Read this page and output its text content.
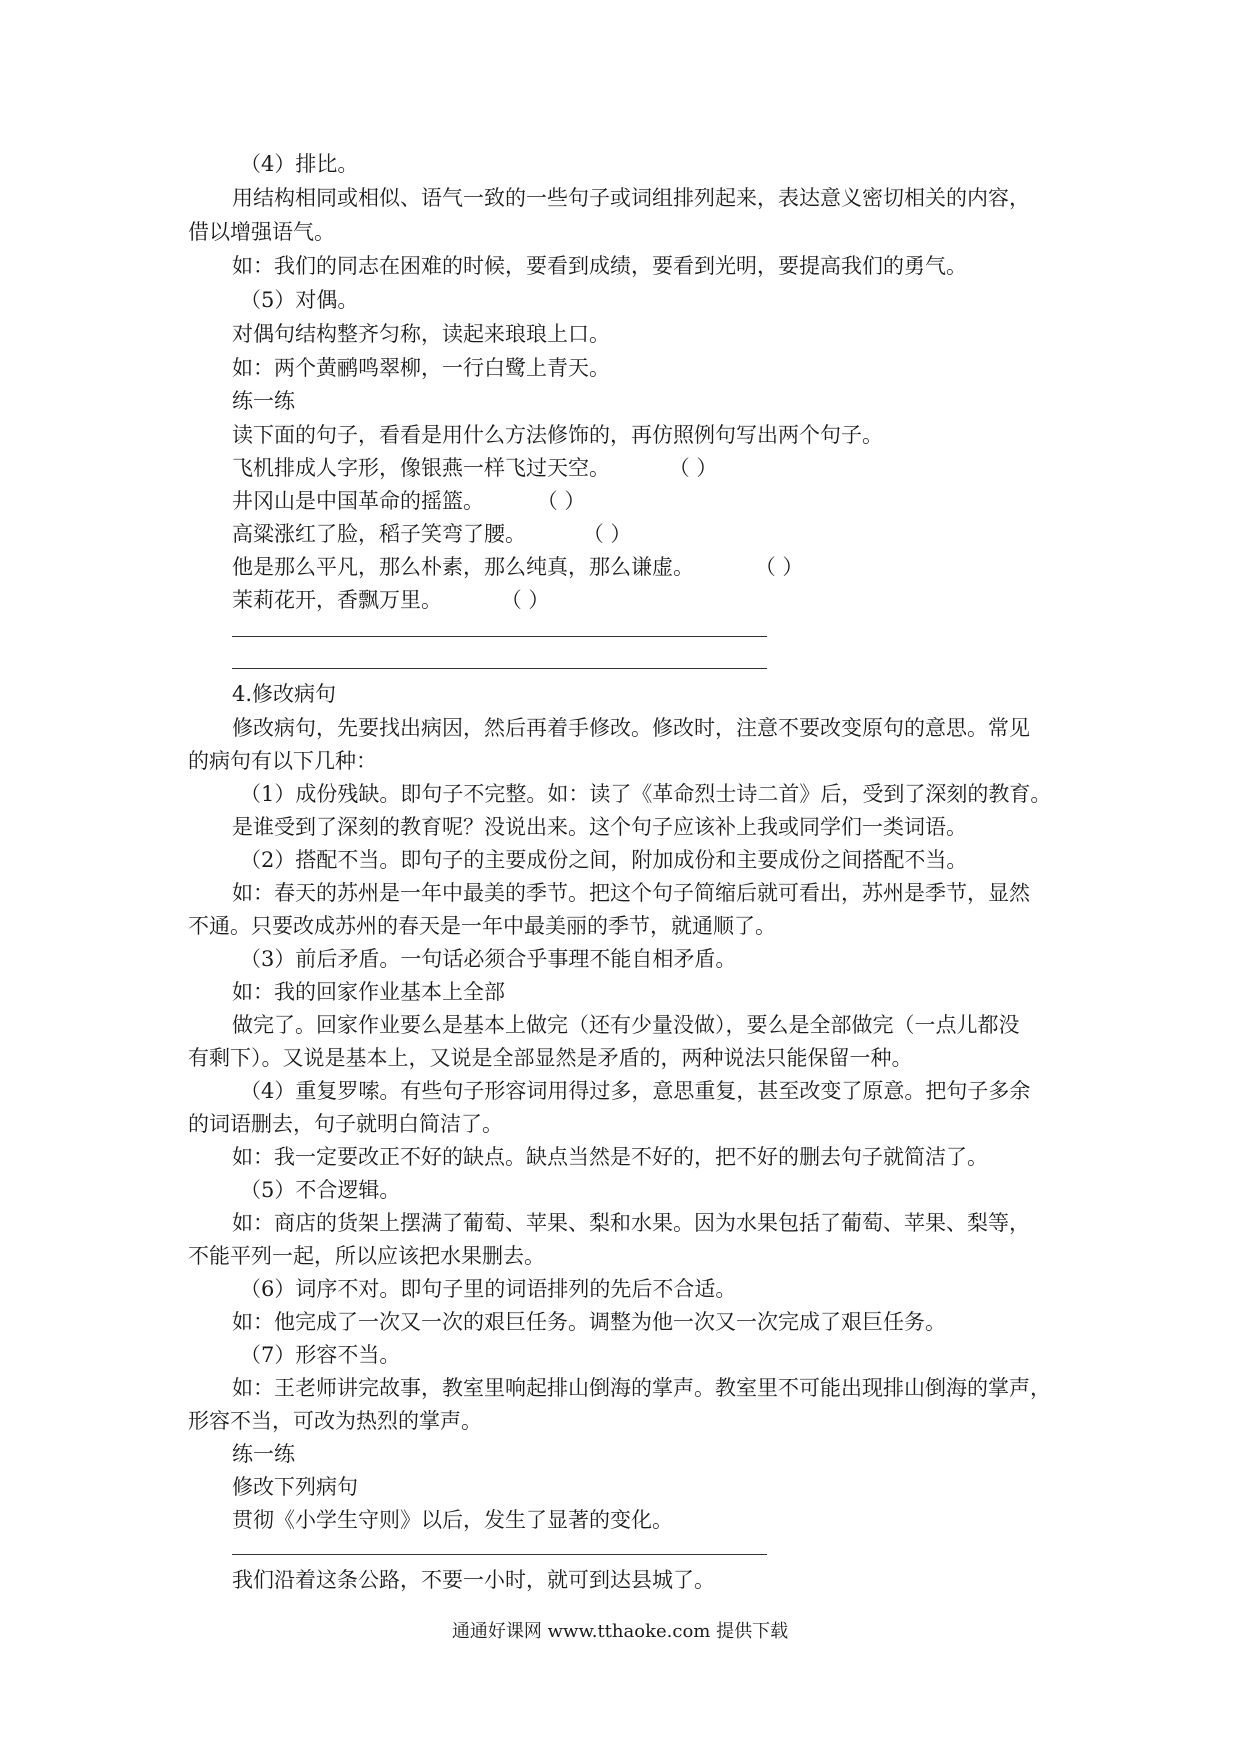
（4）排比。
用结构相同或相似、语气一致的一些句子或词组排列起来，表达意义密切相关的内容，
借以增强语气。
如：我们的同志在困难的时候，要看到成绩，要看到光明，要提高我们的勇气。
（5）对偶。
对偶句结构整齐匀称，读起来琅琅上口。
如：两个黄鹂鸣翠柳，一行白鹭上青天。
练一练
读下面的句子，看看是用什么方法修饰的，再仿照例句写出两个句子。
飞机排成人字形，像银燕一样飞过天空。	（ ）
井冈山是中国革命的摇篮。	（ ）
高粱涨红了脸，稻子笑弯了腰。	（ ）
他是那么平凡，那么朴素，那么纯真，那么谦虚。	（ ）
茉莉花开，香飘万里。	（ ）
4.修改病句
修改病句，先要找出病因，然后再着手修改。修改时，注意不要改变原句的意思。常见
的病句有以下几种：
（1）成份残缺。即句子不完整。如：读了《革命烈士诗二首》后，受到了深刻的教育。
是谁受到了深刻的教育呢？没说出来。这个句子应该补上我或同学们一类词语。
（2）搭配不当。即句子的主要成份之间，附加成份和主要成份之间搭配不当。
如：春天的苏州是一年中最美的季节。把这个句子简缩后就可看出，苏州是季节，显然
不通。只要改成苏州的春天是一年中最美丽的季节，就通顺了。
（3）前后矛盾。一句话必须合乎事理不能自相矛盾。
如：我的回家作业基本上全部
做完了。回家作业要么是基本上做完（还有少量没做），要么是全部做完（一点儿都没
有剩下）。又说是基本上，又说是全部显然是矛盾的，两种说法只能保留一种。
（4）重复罗嗦。有些句子形容词用得过多，意思重复，甚至改变了原意。把句子多余
的词语删去，句子就明白简洁了。
如：我一定要改正不好的缺点。缺点当然是不好的，把不好的删去句子就简洁了。
（5）不合逻辑。
如：商店的货架上摆满了葡萄、苹果、梨和水果。因为水果包括了葡萄、苹果、梨等，
不能平列一起，所以应该把水果删去。
（6）词序不对。即句子里的词语排列的先后不合适。
如：他完成了一次又一次的艰巨任务。调整为他一次又一次完成了艰巨任务。
（7）形容不当。
如：王老师讲完故事，教室里响起排山倒海的掌声。教室里不可能出现排山倒海的掌声，
形容不当，可改为热烈的掌声。
练一练
修改下列病句
贯彻《小学生守则》以后，发生了显著的变化。
我们沿着这条公路，不要一小时，就可到达县城了。
通通好课网 www.tthaoke.com 提供下载
